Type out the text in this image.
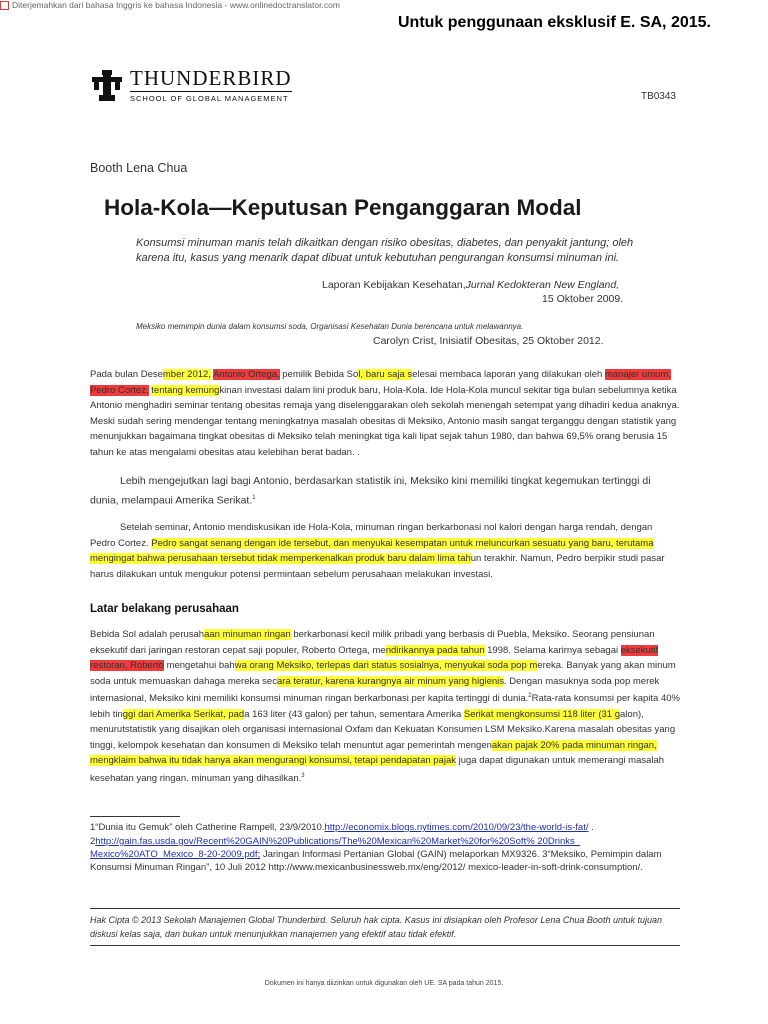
Diterjemahkan dari bahasa Inggris ke bahasa Indonesia - www.onlinedoctranslator.com
Untuk penggunaan eksklusif E. SA, 2015.
THUNDERBIRD
SCHOOL OF GLOBAL MANAGEMENT	TB0343
Booth Lena Chua
Hola-Kola—Keputusan Penganggaran Modal
Konsumsi minuman manis telah dikaitkan dengan risiko obesitas, diabetes, dan penyakit jantung; oleh karena itu, kasus yang menarik dapat dibuat untuk kebutuhan pengurangan konsumsi minuman ini.
Laporan Kebijakan Kesehatan,Jurnal Kedokteran New England,
15 Oktober 2009.
Meksiko memimpin dunia dalam konsumsi soda, Organisasi Kesehatan Dunia berencana untuk melawannya.
Carolyn Crist, Inisiatif Obesitas, 25 Oktober 2012.

Pada bulan Desember 2012, Antonio Ortega, pemilik Bebida Sol, baru saja selesai membaca laporan yang dilakukan oleh manajer umum, Pedro Cortez, tentang kemungkinan investasi dalam lini produk baru, Hola-Kola. Ide Hola-Kola muncul sekitar tiga bulan sebelumnya ketika Antonio menghadiri seminar tentang obesitas remaja yang diselenggarakan oleh sekolah menengah setempat yang dihadiri kedua anaknya. Meski sudah sering mendengar tentang meningkatnya masalah obesitas di Meksiko, Antonio masih sangat terganggu dengan statistik yang menunjukkan bagaimana tingkat obesitas di Meksiko telah meningkat tiga kali lipat sejak tahun 1980, dan bahwa 69,5% orang berusia 15 tahun ke atas mengalami obesitas atau kelebihan berat badan. .

Lebih mengejutkan lagi bagi Antonio, berdasarkan statistik ini, Meksiko kini memiliki tingkat kegemukan tertinggi di dunia, melampaui Amerika Serikat.$^1$

Setelah seminar, Antonio mendiskusikan ide Hola-Kola, minuman ringan berkarbonasi nol kalori dengan harga rendah, dengan Pedro Cortez. Pedro sangat senang dengan ide tersebut, dan menyukai kesempatan untuk meluncurkan sesuatu yang baru, terutama mengingat bahwa perusahaan tersebut tidak memperkenalkan produk baru dalam lima tahun terakhir. Namun, Pedro berpikir studi pasar harus dilakukan untuk mengukur potensi permintaan sebelum perusahaan melakukan investasi.

Latar belakang perusahaan

Bebida Sol adalah perusahaan minuman ringan berkarbonasi kecil milik pribadi yang berbasis di Puebla, Meksiko. Seorang pensiunan eksekutif dari jaringan restoran cepat saji populer, Roberto Ortega, mendirikannya pada tahun 1998. Selama karirnya sebagai eksekutif restoran, Roberto mengetahui bahwa orang Meksiko, terlepas dari status sosialnya, menyukai soda pop mereka. Banyak yang akan minum soda untuk memuaskan dahaga mereka secara teratur, karena kurangnya air minum yang higienis. Dengan masuknya soda pop merek internasional, Meksiko kini memiliki konsumsi minuman ringan berkarbonasi per kapita tertinggi di dunia.$^2$Rata-rata konsumsi per kapita 40% lebih tinggi dari Amerika Serikat, pada 163 liter (43 galon) per tahun, sementara Amerika Serikat mengkonsumsi 118 liter (31 galon), menurutstatistik yang disajikan oleh organisasi internasional Oxfam dan Kekuatan Konsumen LSM Meksiko.Karena masalah obesitas yang tinggi, kelompok kesehatan dan konsumen di Meksiko telah menuntut agar pemerintah mengenakan pajak 20% pada minuman ringan, mengklaim bahwa itu tidak hanya akan mengurangi konsumsi, tetapi pendapatan pajak juga dapat digunakan untuk memerangi masalah kesehatan yang ringan. minuman yang dihasilkan.$^3$

1“Dunia itu Gemuk” oleh Catherine Rampell, 23/9/2010.http://economix.blogs.nytimes.com/2010/09/23/the-world-is-fat/ .
2http://gain.fas.usda.gov/Recent%20GAIN%20Publications/The%20Mexican%20Market%20for%20Soft% 20Drinks_ Mexico%20ATO_Mexico_8-20-2009.pdf; Jaringan Informasi Pertanian Global (GAIN) melaporkan MX9326. 3“Meksiko, Pemimpin dalam Konsumsi Minuman Ringan”, 10 Juli 2012 http://www.mexicanbusinessweb.mx/eng/2012/ mexico-leader-in-soft-drink-consumption/.
Hak Cipta © 2013 Sekolah Manajemen Global Thunderbird. Seluruh hak cipta. Kasus ini disiapkan oleh Profesor Lena Chua Booth untuk tujuan diskusi kelas saja, dan bukan untuk menunjukkan manajemen yang efektif atau tidak efektif.
Dokumen ini hanya diizinkan untuk digunakan oleh UE. SA pada tahun 2015.
